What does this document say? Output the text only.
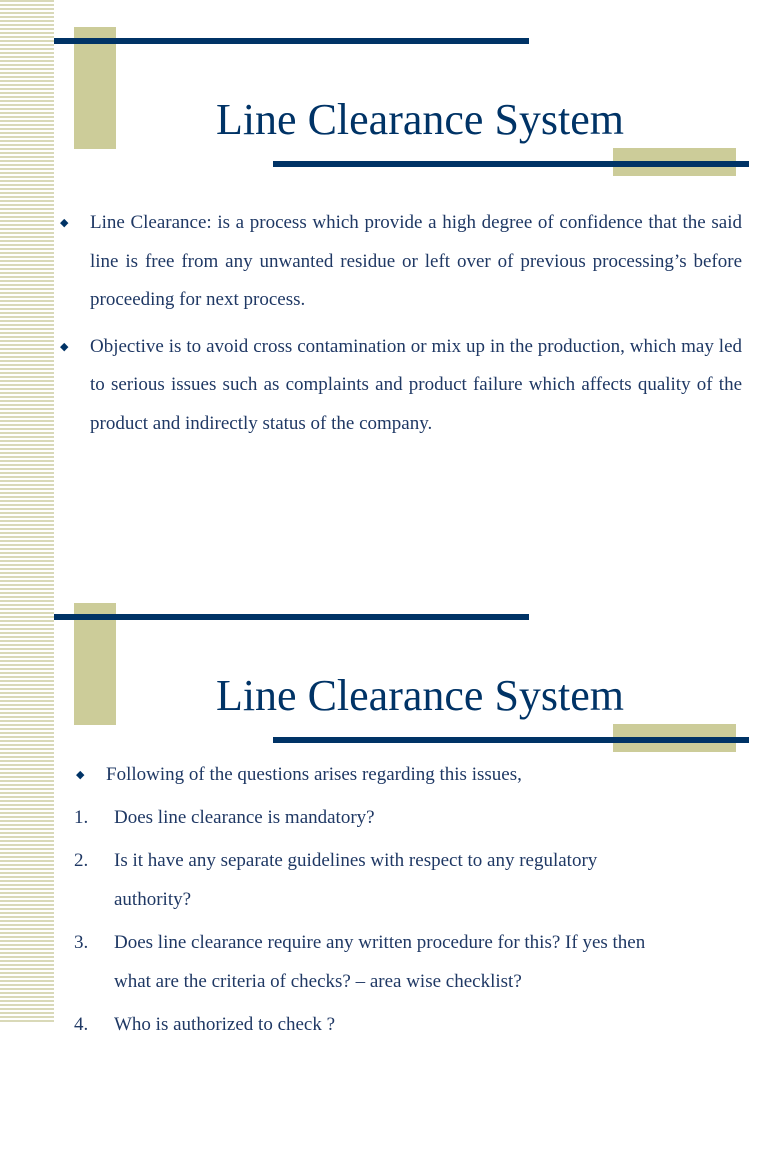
Line Clearance System
◆	Line Clearance: is a process which provide a high degree of confidence that the said line is free from any unwanted residue or left over of previous processing’s before proceeding for next process.
◆	Objective is to avoid cross contamination or mix up in the production, which may led to serious issues such as complaints and product failure which affects quality of the product and indirectly status of the company.
Line Clearance System
◆	Following of the questions arises regarding this issues,
1.	Does line clearance is mandatory?
2.	Is it have any separate guidelines with respect to any regulatory authority?
3.	Does line clearance require any written procedure for this? If yes then what are the criteria of checks? – area wise checklist?
4.	Who is authorized to check ?
